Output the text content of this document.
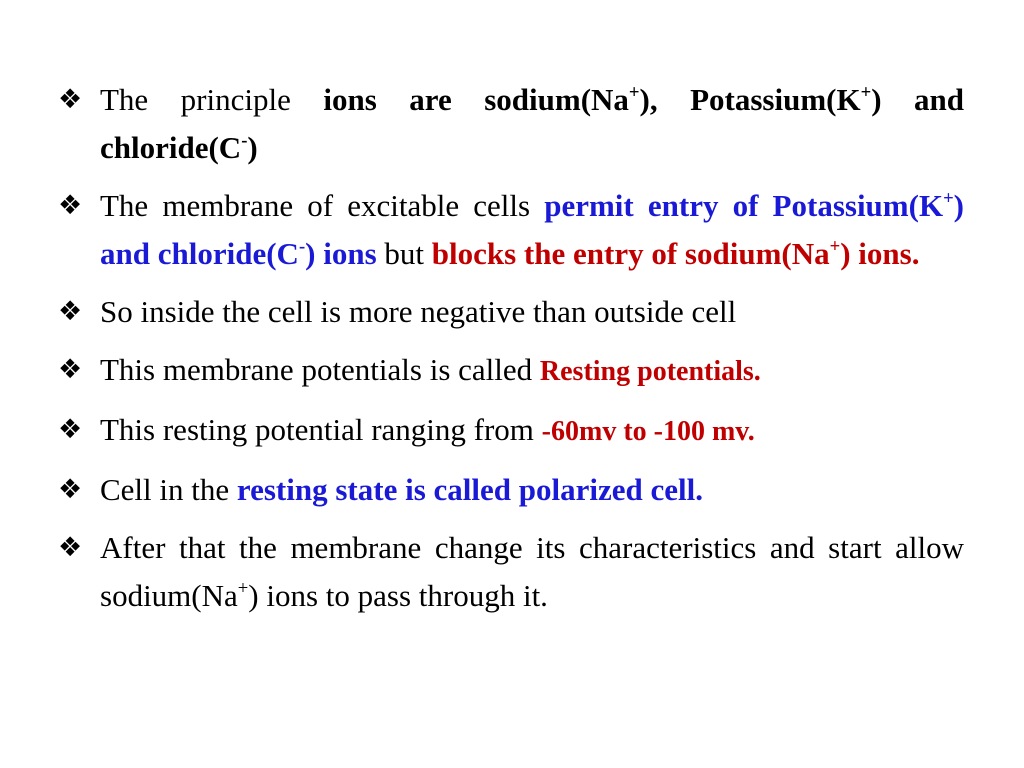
❖ The principle ions are sodium(Na+), Potassium(K+) and chloride(C-)
❖ The membrane of excitable cells permit entry of Potassium(K+) and chloride(C-) ions but blocks the entry of sodium(Na+) ions.
❖ So inside the cell is more negative than outside cell
❖ This membrane potentials is called Resting potentials.
❖ This resting potential ranging from -60mv to -100 mv.
❖ Cell in the resting state is called polarized cell.
❖ After that the membrane change its characteristics and start allow sodium(Na+) ions to pass through it.
